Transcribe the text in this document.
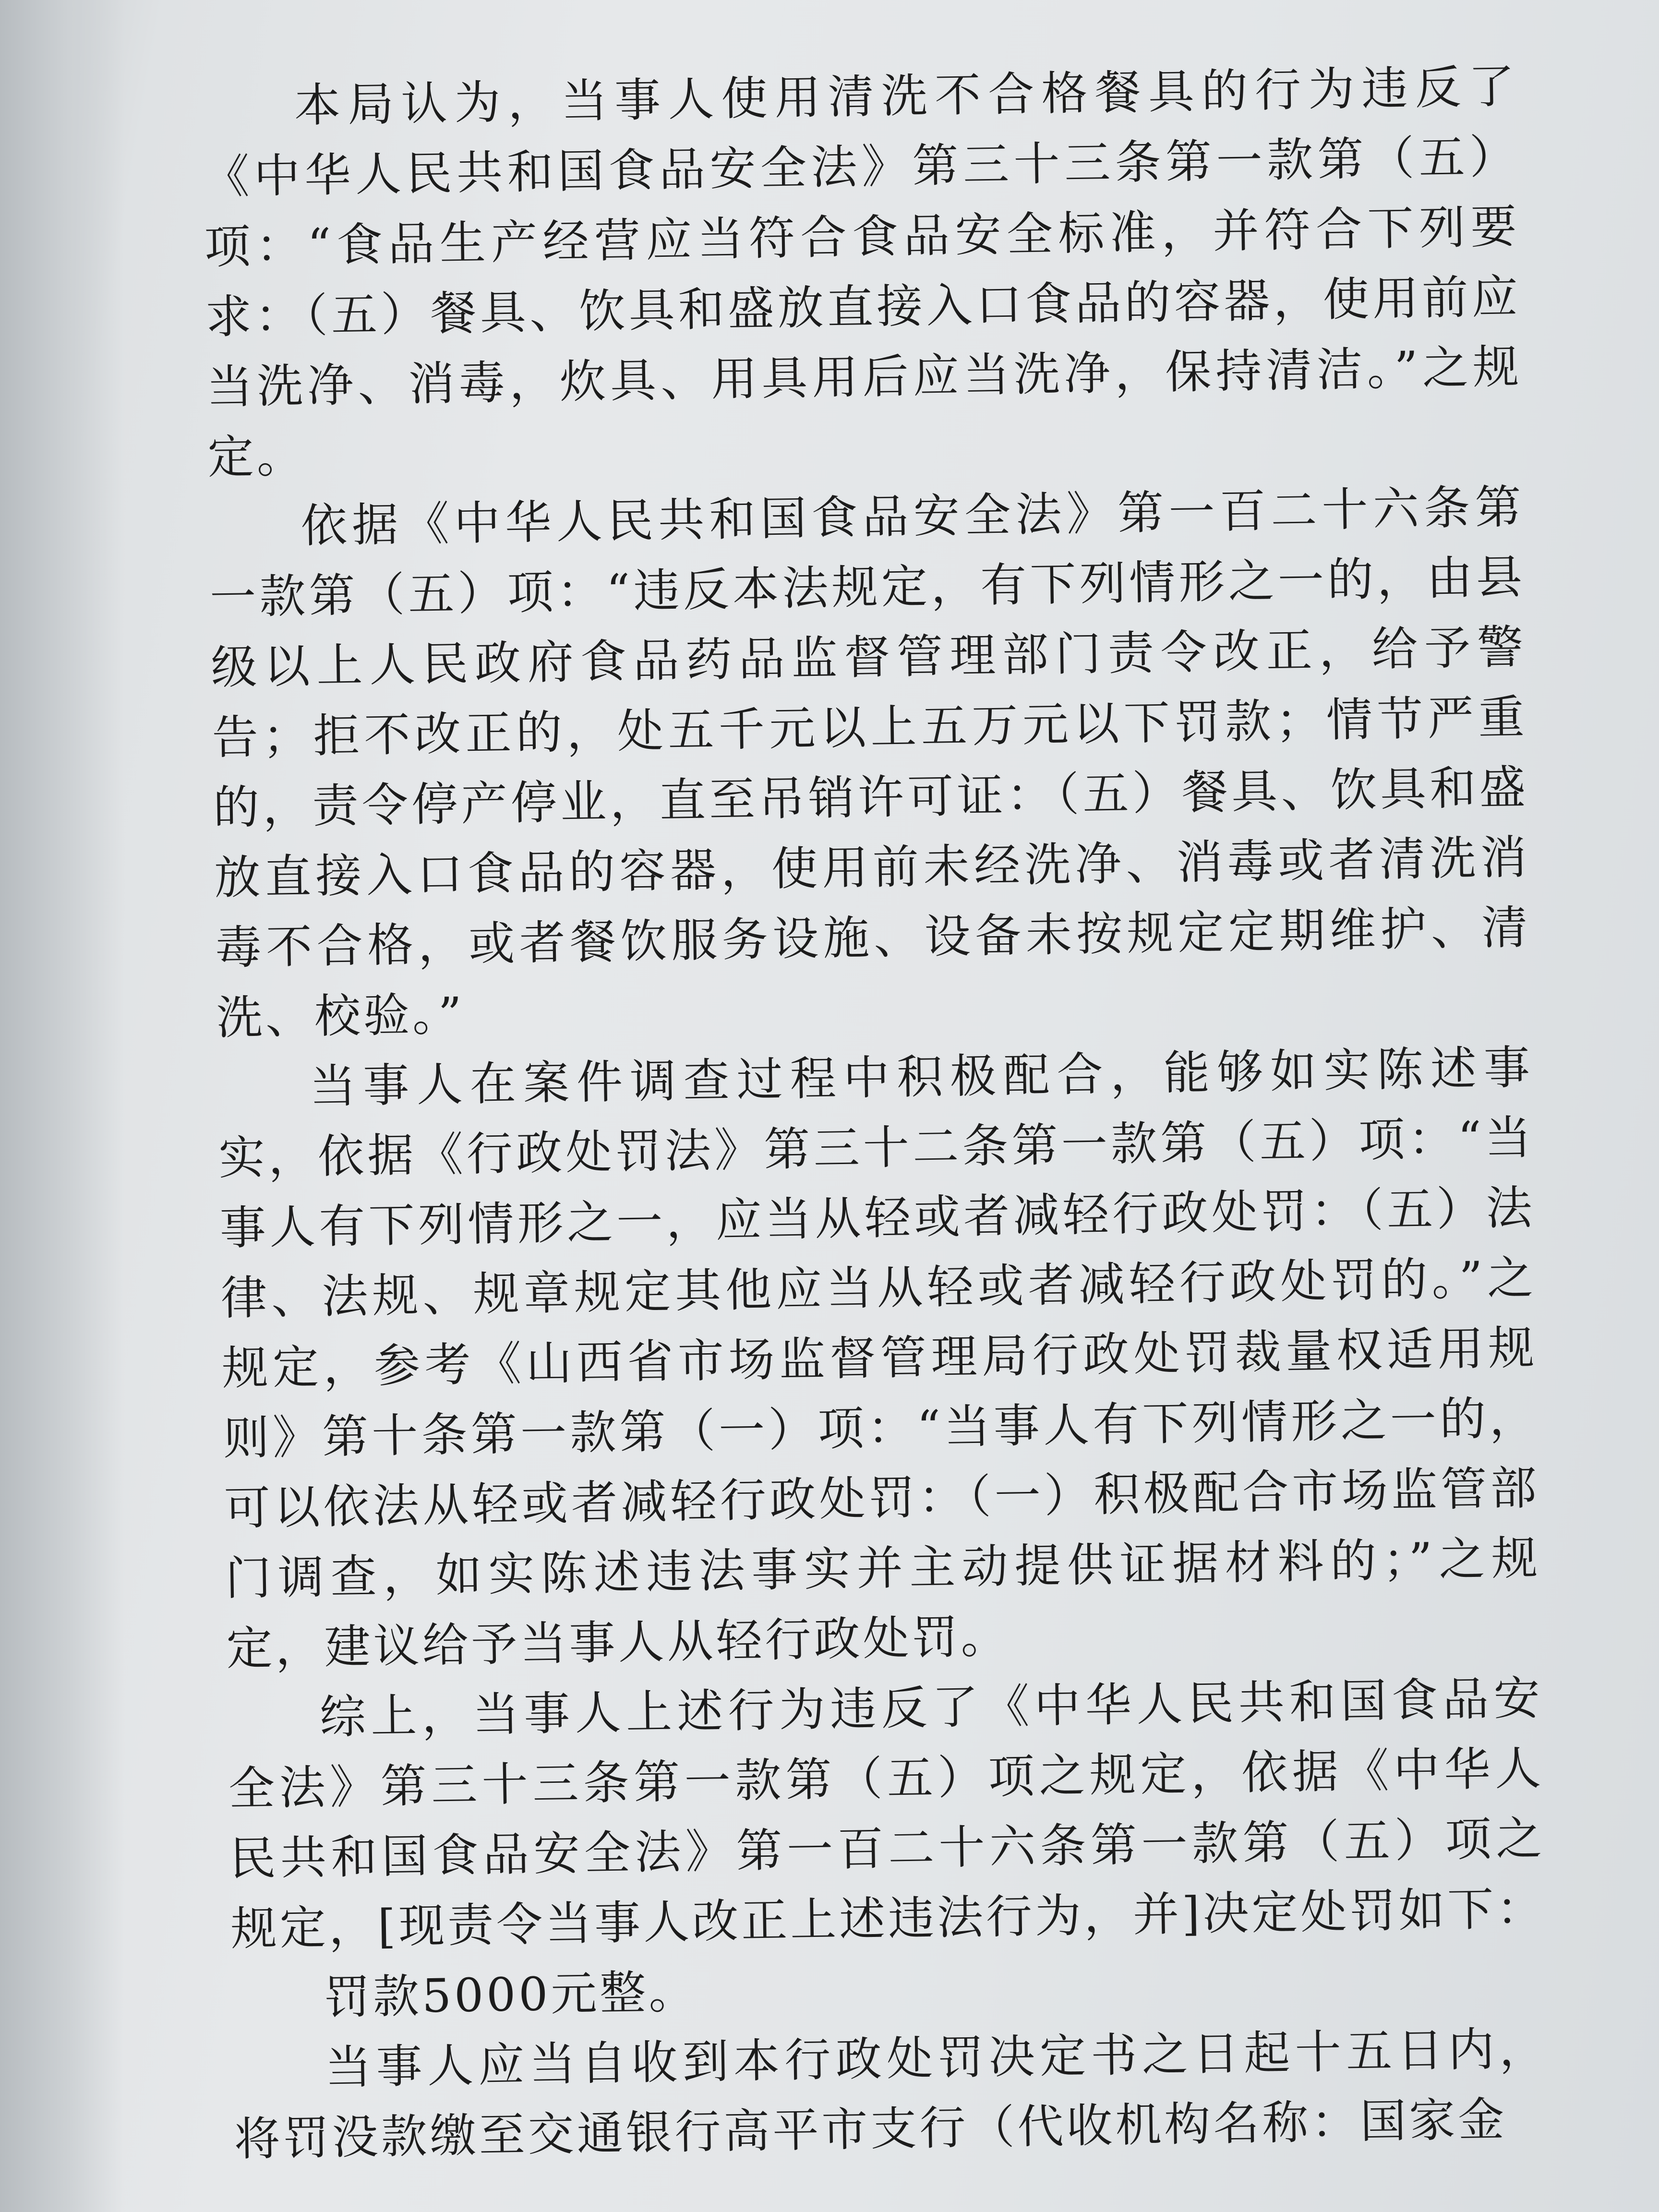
本局认为，当事人使用清洗不合格餐具的行为违反了《中华人民共和国食品安全法》第三十三条第一款第（五）项：“食品生产经营应当符合食品安全标准，并符合下列要求：（五）餐具、饮具和盛放直接入口食品的容器，使用前应当洗净、消毒，炊具、用具用后应当洗净，保持清洁。”之规定。

依据《中华人民共和国食品安全法》第一百二十六条第一款第（五）项：“违反本法规定，有下列情形之一的，由县级以上人民政府食品药品监督管理部门责令改正，给予警告；拒不改正的，处五千元以上五万元以下罚款；情节严重的，责令停产停业，直至吊销许可证：（五）餐具、饮具和盛放直接入口食品的容器，使用前未经洗净、消毒或者清洗消毒不合格，或者餐饮服务设施、设备未按规定定期维护、清洗、校验。”

当事人在案件调查过程中积极配合，能够如实陈述事实，依据《行政处罚法》第三十二条第一款第（五）项：“当事人有下列情形之一，应当从轻或者减轻行政处罚：（五）法律、法规、规章规定其他应当从轻或者减轻行政处罚的。”之规定，参考《山西省市场监督管理局行政处罚裁量权适用规则》第十条第一款第（一）项：“当事人有下列情形之一的，可以依法从轻或者减轻行政处罚：（一）积极配合市场监管部门调查，如实陈述违法事实并主动提供证据材料的；”之规定，建议给予当事人从轻行政处罚。

综上，当事人上述行为违反了《中华人民共和国食品安全法》第三十三条第一款第（五）项之规定，依据《中华人民共和国食品安全法》第一百二十六条第一款第（五）项之规定，[现责令当事人改正上述违法行为，并]决定处罚如下：

罚款5000元整。

当事人应当自收到本行政处罚决定书之日起十五日内，将罚没款缴至交通银行高平市支行（代收机构名称：国家金
